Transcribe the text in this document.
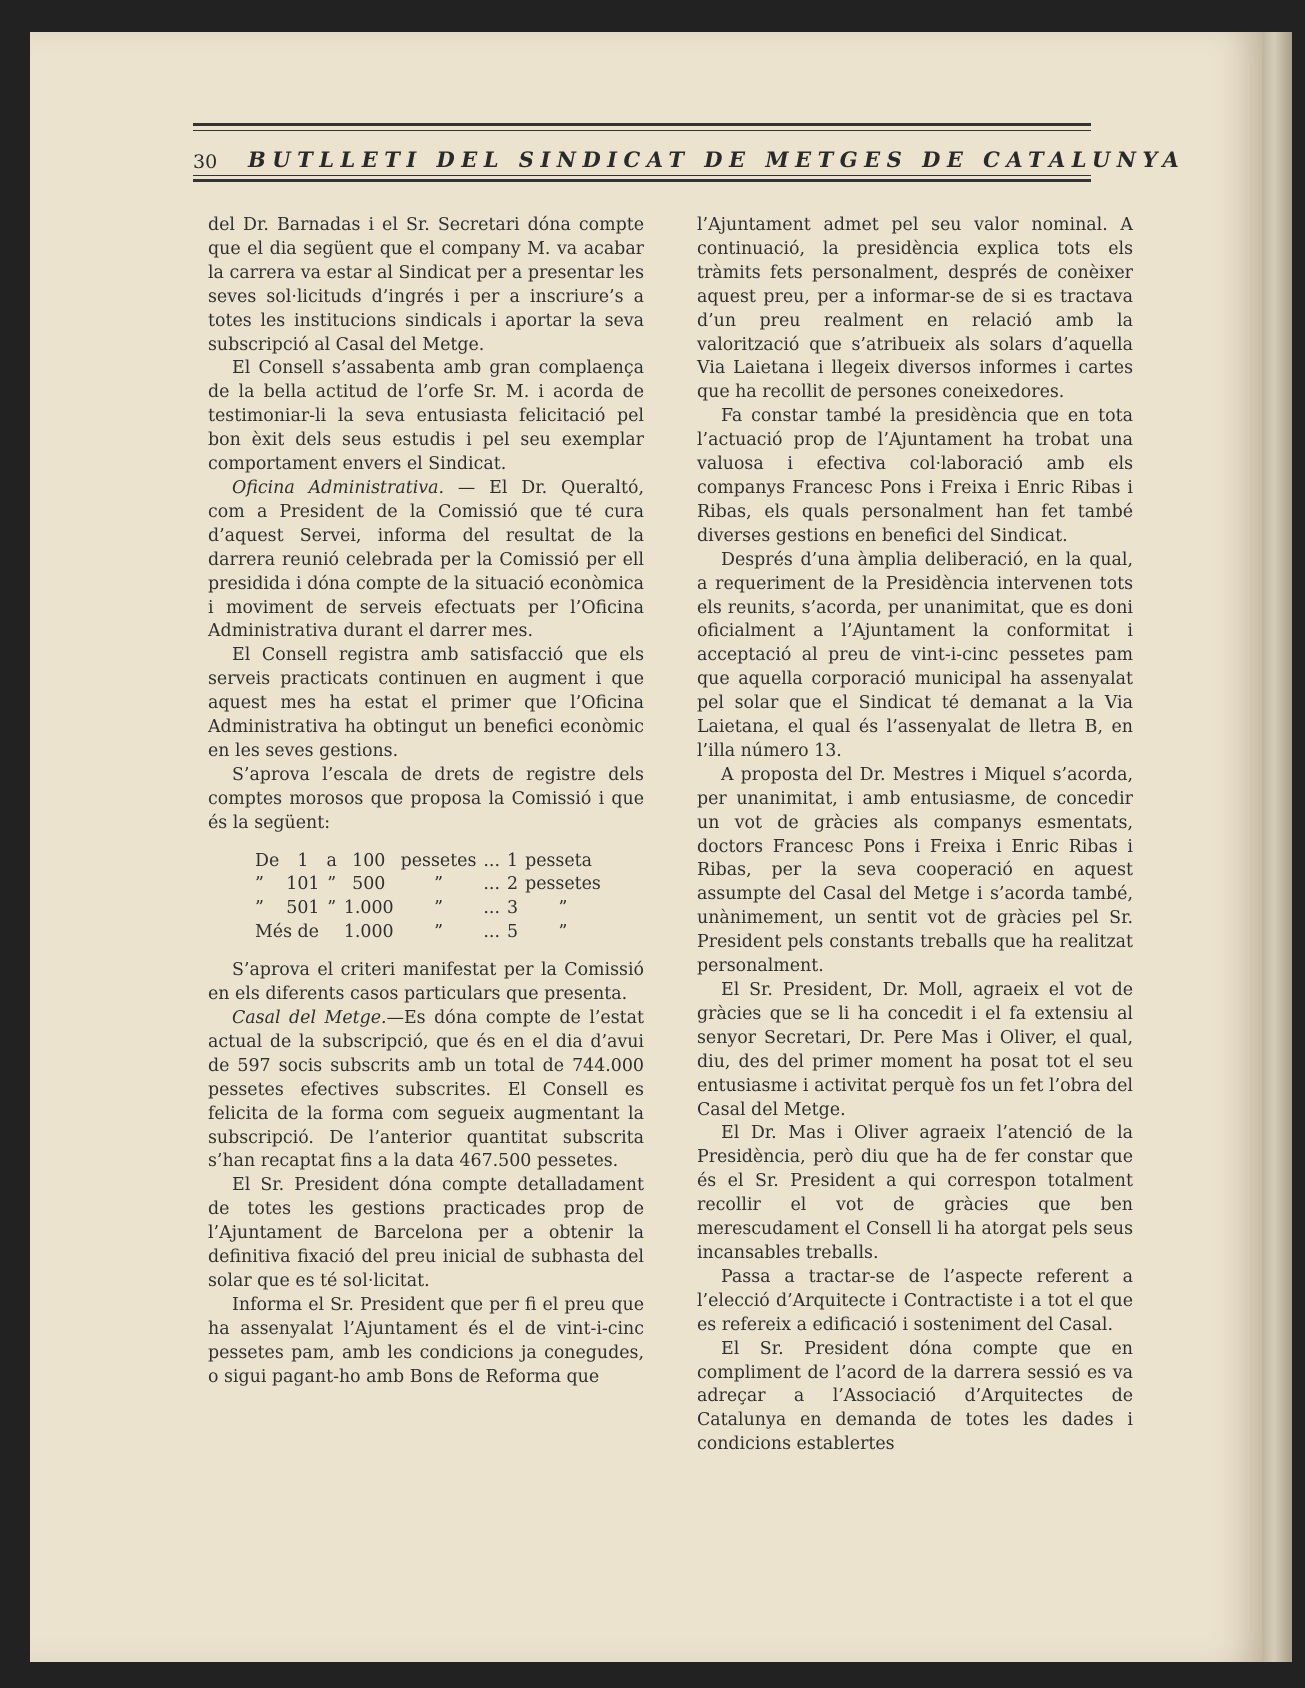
30 BUTLLETI DEL SINDICAT DE METGES DE CATALUNYA

del Dr. Barnadas i el Sr. Secretari dóna compte que el dia següent que el company M. va acabar la carrera va estar al Sindicat per a presentar les seves sol·licituds d’ingrés i per a inscriure’s a totes les institucions sindicals i aportar la seva subscripció al Casal del Metge.

El Consell s’assabenta amb gran complaença de la bella actitud de l’orfe Sr. M. i acorda de testimoniar-li la seva entusiasta felicitació pel bon èxit dels seus estudis i pel seu exemplar comportament envers el Sindicat.

Oficina Administrativa. — El Dr. Queraltó, com a President de la Comissió que té cura d’aquest Servei, informa del resultat de la darrera reunió celebrada per la Comissió per ell presidida i dóna compte de la situació econòmica i moviment de serveis efectuats per l’Oficina Administrativa durant el darrer mes.

El Consell registra amb satisfacció que els serveis practicats continuen en augment i que aquest mes ha estat el primer que l’Oficina Administrativa ha obtingut un benefici econòmic en les seves gestions.

S’aprova l’escala de drets de registre dels comptes morosos que proposa la Comissió i que és la següent:

De	1	a	100	pessetes	...	1	pesseta
”	101	”	500	”	...	2	pessetes
”	501	”	1.000	”	...	3	”
Més de			1.000	”	...	5	”

S’aprova el criteri manifestat per la Comissió en els diferents casos particulars que presenta.

Casal del Metge.—Es dóna compte de l’estat actual de la subscripció, que és en el dia d’avui de 597 socis subscrits amb un total de 744.000 pessetes efectives subscrites. El Consell es felicita de la forma com segueix augmentant la subscripció. De l’anterior quantitat subscrita s’han recaptat fins a la data 467.500 pessetes.

El Sr. President dóna compte detalladament de totes les gestions practicades prop de l’Ajuntament de Barcelona per a obtenir la definitiva fixació del preu inicial de subhasta del solar que es té sol·licitat.

Informa el Sr. President que per fi el preu que ha assenyalat l’Ajuntament és el de vint-i-cinc pessetes pam, amb les condicions ja conegudes, o sigui pagant-ho amb Bons de Reforma que

l’Ajuntament admet pel seu valor nominal. A continuació, la presidència explica tots els tràmits fets personalment, després de conèixer aquest preu, per a informar-se de si es tractava d’un preu realment en relació amb la valorització que s’atribueix als solars d’aquella Via Laietana i llegeix diversos informes i cartes que ha recollit de persones coneixedores.

Fa constar també la presidència que en tota l’actuació prop de l’Ajuntament ha trobat una valuosa i efectiva col·laboració amb els companys Francesc Pons i Freixa i Enric Ribas i Ribas, els quals personalment han fet també diverses gestions en benefici del Sindicat.

Després d’una àmplia deliberació, en la qual, a requeriment de la Presidència intervenen tots els reunits, s’acorda, per unanimitat, que es doni oficialment a l’Ajuntament la conformitat i acceptació al preu de vint-i-cinc pessetes pam que aquella corporació municipal ha assenyalat pel solar que el Sindicat té demanat a la Via Laietana, el qual és l’assenyalat de lletra B, en l’illa número 13.

A proposta del Dr. Mestres i Miquel s’acorda, per unanimitat, i amb entusiasme, de concedir un vot de gràcies als companys esmentats, doctors Francesc Pons i Freixa i Enric Ribas i Ribas, per la seva cooperació en aquest assumpte del Casal del Metge i s’acorda també, unànimement, un sentit vot de gràcies pel Sr. President pels constants treballs que ha realitzat personalment.

El Sr. President, Dr. Moll, agraeix el vot de gràcies que se li ha concedit i el fa extensiu al senyor Secretari, Dr. Pere Mas i Oliver, el qual, diu, des del primer moment ha posat tot el seu entusiasme i activitat perquè fos un fet l’obra del Casal del Metge.

El Dr. Mas i Oliver agraeix l’atenció de la Presidència, però diu que ha de fer constar que és el Sr. President a qui correspon totalment recollir el vot de gràcies que ben merescudament el Consell li ha atorgat pels seus incansables treballs.

Passa a tractar-se de l’aspecte referent a l’elecció d’Arquitecte i Contractiste i a tot el que es refereix a edificació i sosteniment del Casal.

El Sr. President dóna compte que en compliment de l’acord de la darrera sessió es va adreçar a l’Associació d’Arquitectes de Catalunya en demanda de totes les dades i condicions establertes
